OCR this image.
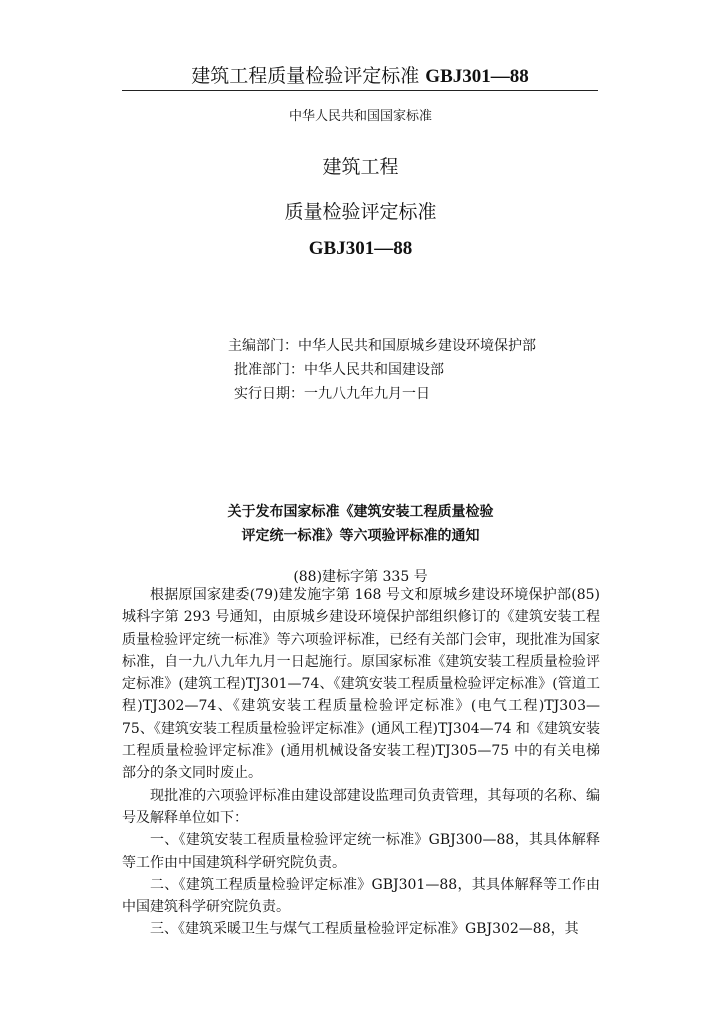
建筑工程质量检验评定标准 GBJ301—88
中华人民共和国国家标准
建筑工程
质量检验评定标准
GBJ301—88
主编部门：中华人民共和国原城乡建设环境保护部
批准部门：中华人民共和国建设部
实行日期：一九八九年九月一日
关于发布国家标准《建筑安装工程质量检验
评定统一标准》等六项验评标准的通知
(88)建标字第 335 号

根据原国家建委(79)建发施字第 168 号文和原城乡建设环境保护部(85)城科字第 293 号通知，由原城乡建设环境保护部组织修订的《建筑安装工程质量检验评定统一标准》等六项验评标准，已经有关部门会审，现批准为国家标准，自一九八九年九月一日起施行。原国家标准《建筑安装工程质量检验评定标准》(建筑工程)TJ301—74、《建筑安装工程质量检验评定标准》(管道工程)TJ302—74、《建筑安装工程质量检验评定标准》(电气工程)TJ303—75、《建筑安装工程质量检验评定标准》(通风工程)TJ304—74 和《建筑安装工程质量检验评定标准》(通用机械设备安装工程)TJ305—75 中的有关电梯部分的条文同时废止。

现批准的六项验评标准由建设部建设监理司负责管理，其每项的名称、编号及解释单位如下：

一、《建筑安装工程质量检验评定统一标准》GBJ300—88，其具体解释等工作由中国建筑科学研究院负责。

二、《建筑工程质量检验评定标准》GBJ301—88，其具体解释等工作由中国建筑科学研究院负责。

三、《建筑采暖卫生与煤气工程质量检验评定标准》GBJ302—88，其
